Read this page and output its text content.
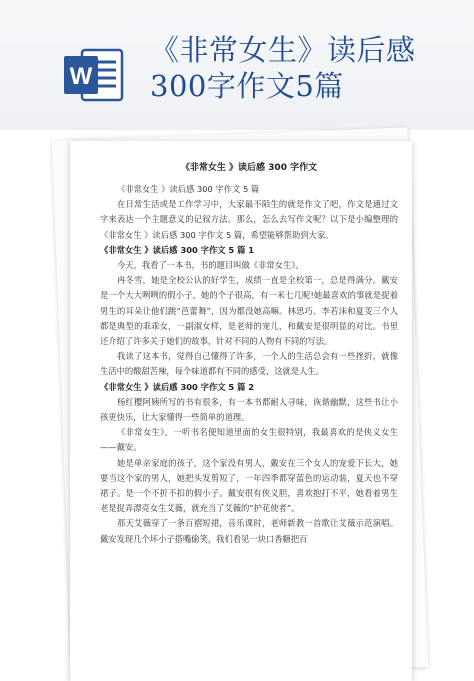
W
《非常女生》读后感300字作文5篇
《非常女生 》读后感 300 字作文

《非常女生 》读后感 300 字作文 5 篇

在日常生活或是工作学习中，大家最不陌生的就是作文了吧，作文是通过文字来表达一个主题意义的记叙方法。那么，怎么去写作文呢？以下是小编整理的《非常女生 》读后感 300 字作文 5 篇，希望能够帮助到大家。

《非常女生 》读后感 300 字作文 5 篇 1

今天，我看了一本书，书的题目叫做《非常女生》。

冉冬雪，她是全校公认的好学生，成绩一直是全校第一，总是得满分。戴安是一个大大咧咧的假小子，她的个子很高，有一米七几呢!她最喜欢的事就是捉着男生的耳朵让他们跳“芭蕾舞”，因为都没她高嘛。林思巧、李若沫和夏芰三个人都是典型的乖乖女，一副淑女样，是老师的宠儿，和戴安是很明显的对比。书里还介绍了许多关于她们的故事，针对不同的人物有不同的写法。

我读了这本书，觉得自己懂得了许多，一个人的生活总会有一些挫折，就像生活中的酸甜苦辣，每个味道都有不同的感受，这就是人生。

《非常女生 》读后感 300 字作文 5 篇 2

杨红樱阿姨所写的书有很多，有一本书都耐人寻味，诙谐幽默，这些书让小孩更快乐，让大家懂得一些简单的道理。

《非常女生》，一听书名便知道里面的女生很特别，我最喜欢的是侠义女生——戴安。

她是单亲家庭的孩子，这个家没有男人，戴安在三个女人的宠爱下长大，她要当这个家的男人，她把头发剪短了，一年四季都穿蓝色的运动装，夏天也不穿裙子。是一个不折不扣的假小子。戴安很有侠义胆，喜欢抱打不平，她看着男生老是捉弄漂亮女生艾薇，就充当了艾薇的“护花使者”。

那天艾薇穿了一条百褶短裙，音乐课时，老师新教一首歌让艾薇示范演唱。戴安发现几个坏小子搭嘴偷笑，我们看见一块口香糖把百
